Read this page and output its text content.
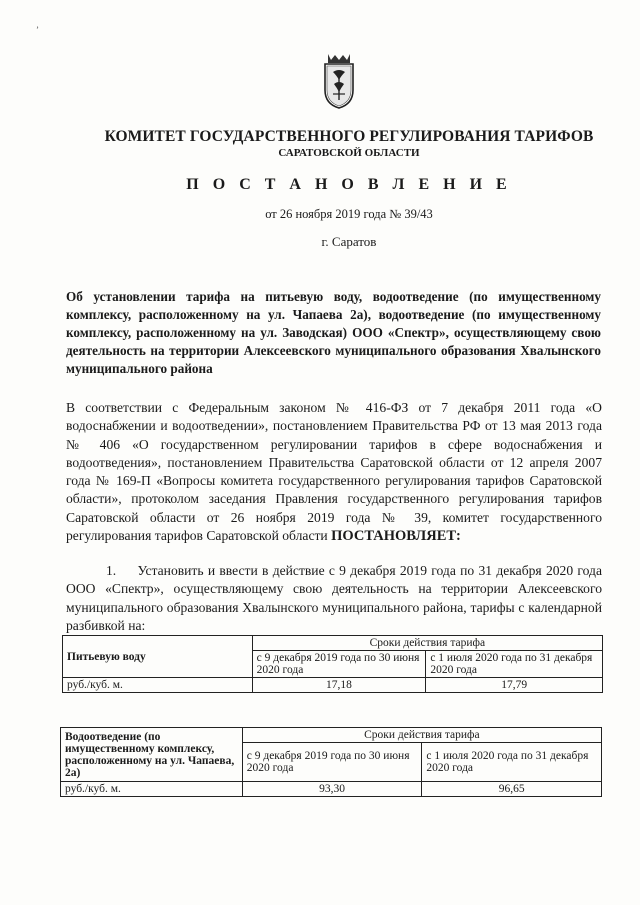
’
КОМИТЕТ ГОСУДАРСТВЕННОГО РЕГУЛИРОВАНИЯ ТАРИФОВ
САРАТОВСКОЙ ОБЛАСТИ
П О С Т А Н О В Л Е Н И Е
от 26 ноября 2019 года № 39/43
г. Саратов
Об установлении тарифа на питьевую воду, водоотведение (по имущественному комплексу, расположенному на ул. Чапаева 2а), водоотведение (по имущественному комплексу, расположенному на ул. Заводская) ООО «Спектр», осуществляющему свою деятельность на территории Алексеевского муниципального образования Хвалынского муниципального района
В соответствии с Федеральным законом № 416-ФЗ от 7 декабря 2011 года «О водоснабжении и водоотведении», постановлением Правительства РФ от 13 мая 2013 года № 406 «О государственном регулировании тарифов в сфере водоснабжения и водоотведения», постановлением Правительства Саратовской области от 12 апреля 2007 года № 169-П «Вопросы комитета государственного регулирования тарифов Саратовской области», протоколом заседания Правления государственного регулирования тарифов Саратовской области от 26 ноября 2019 года № 39, комитет государственного регулирования тарифов Саратовской области ПОСТАНОВЛЯЕТ:
1.     Установить и ввести в действие с 9 декабря 2019 года по 31 декабря 2020 года ООО «Спектр», осуществляющему свою деятельность на территории Алексеевского муниципального образования Хвалынского муниципального района, тарифы с календарной разбивкой на:
Питьевую воду	Сроки действия тарифа	
	с 9 декабря 2019 года по 30 июня 2020 года	с 1 июля 2020 года по 31 декабря 2020 года
руб./куб. м.	17,18	17,79
Водоотведение (по имущественному комплексу, расположенному на ул. Чапаева, 2а)	Сроки действия тарифа	
	с 9 декабря 2019 года по 30 июня 2020 года	с 1 июля 2020 года по 31 декабря 2020 года
руб./куб. м.	93,30	96,65
